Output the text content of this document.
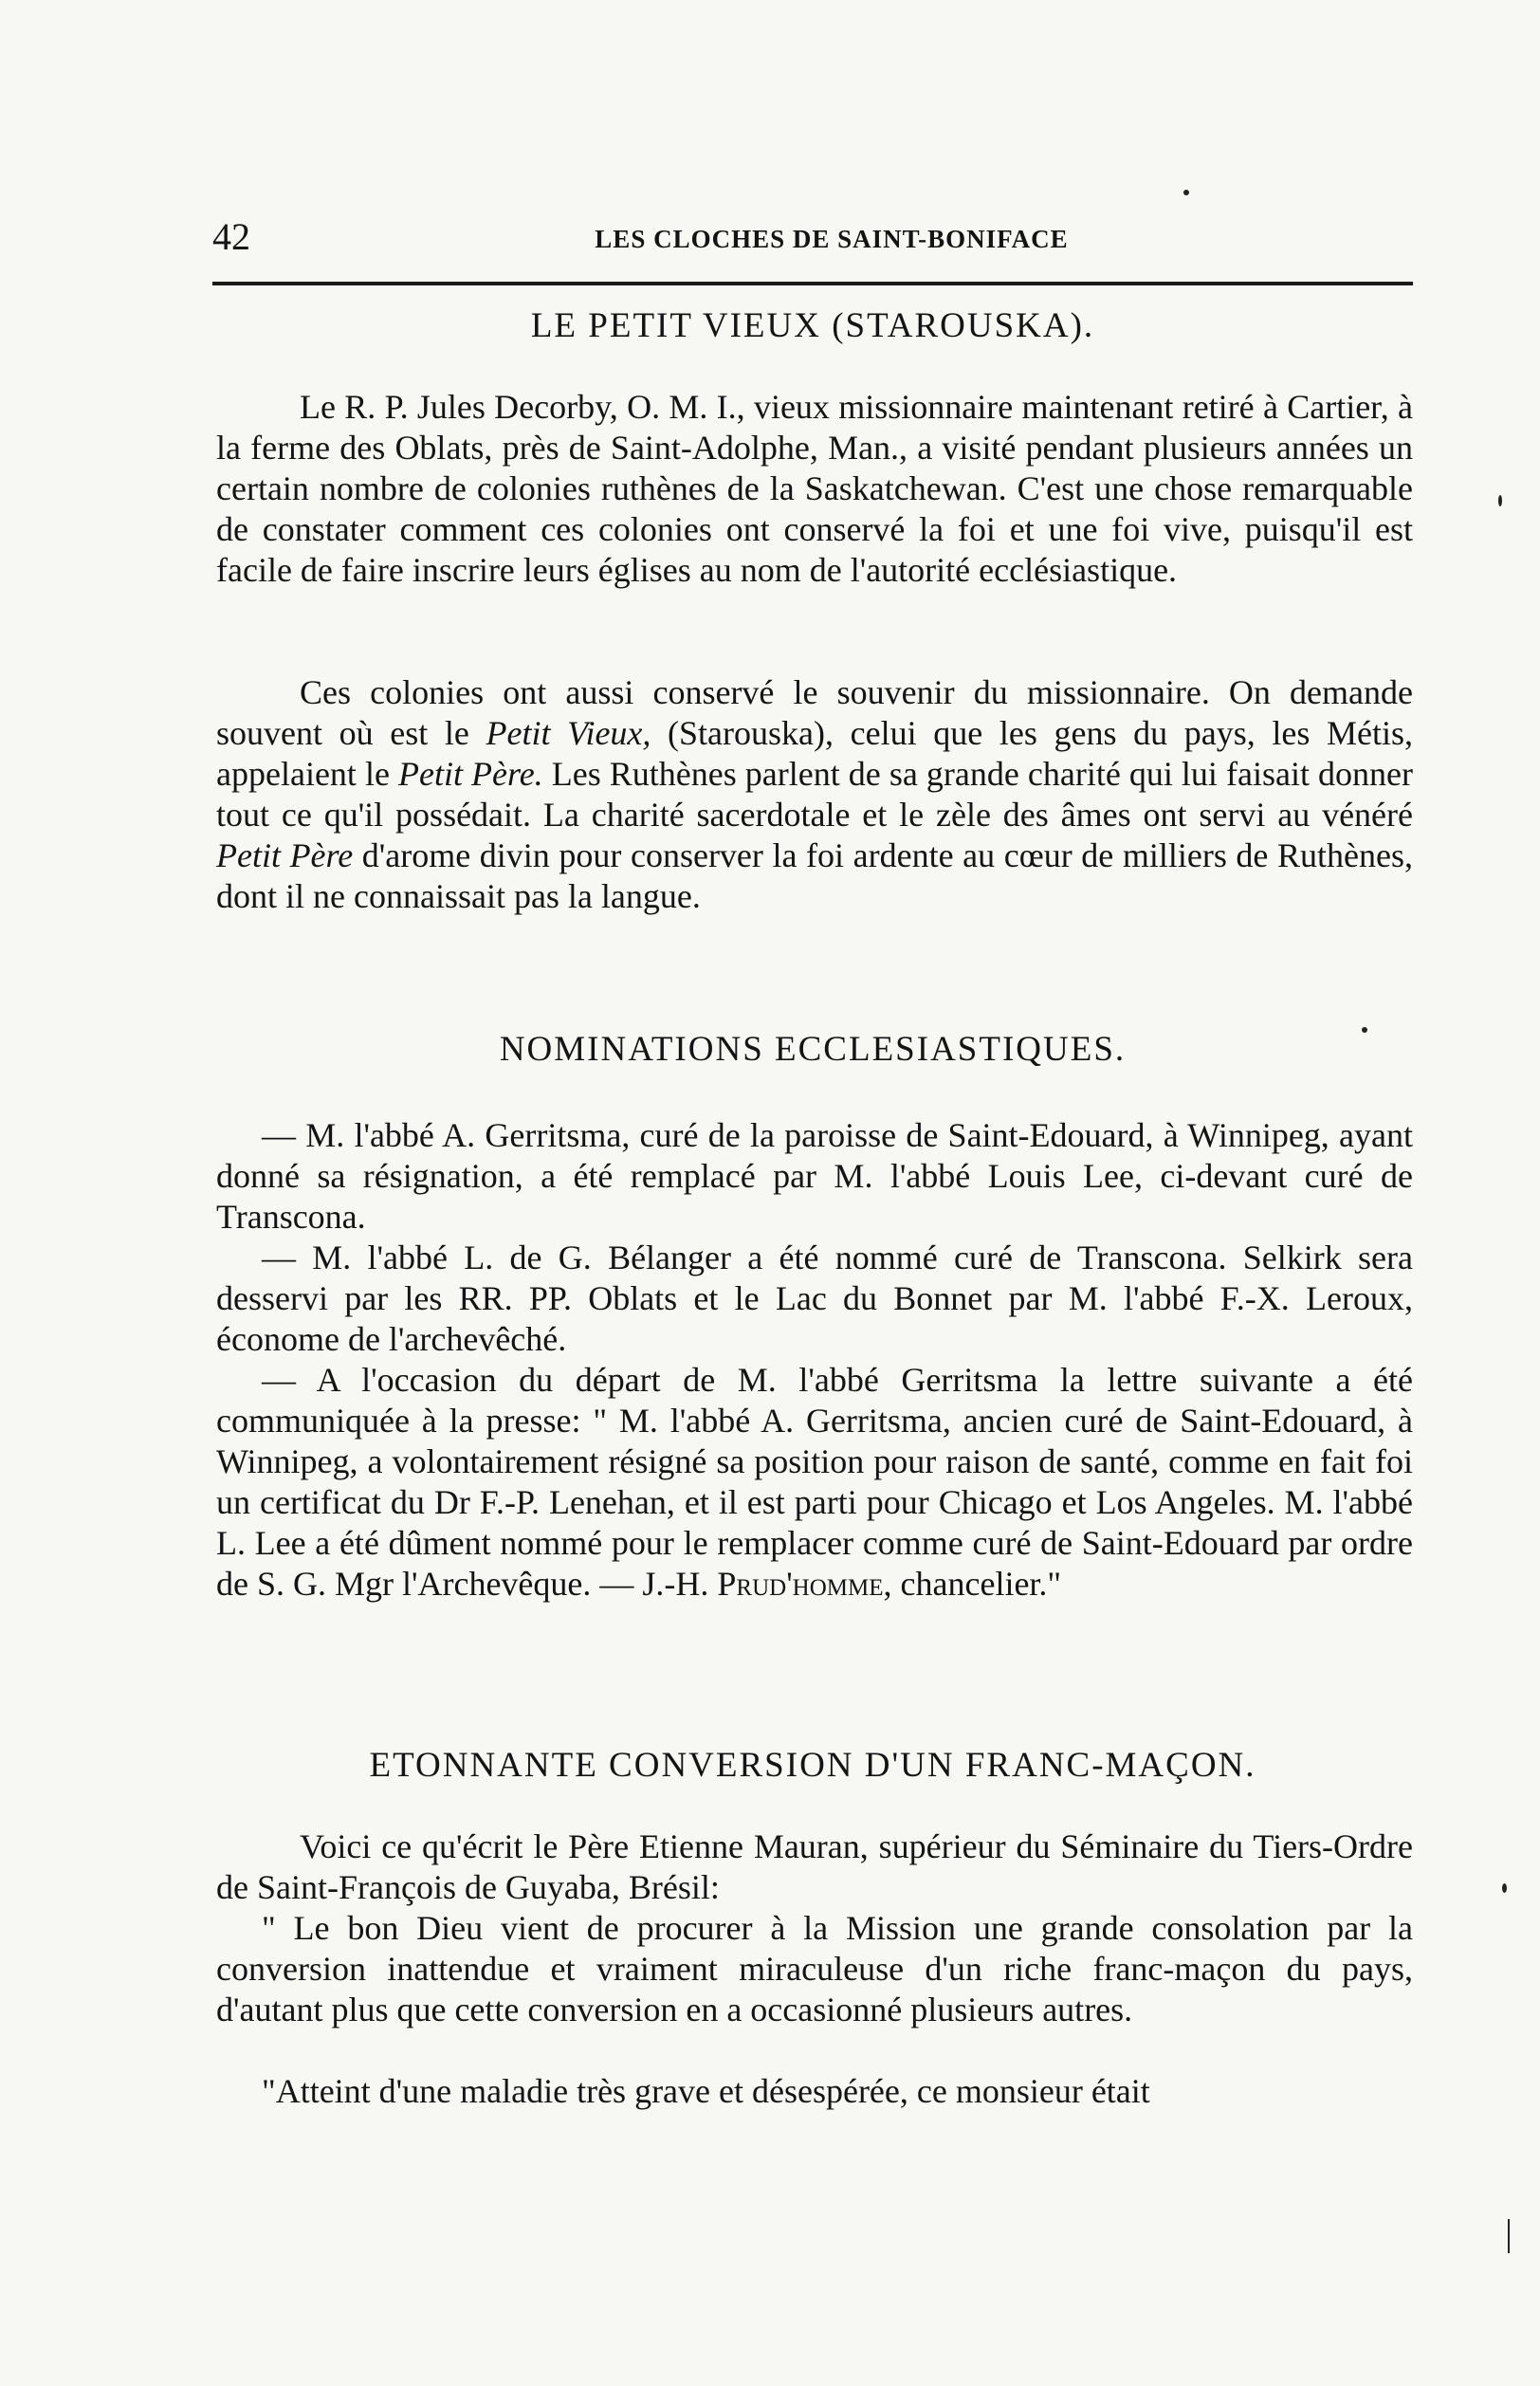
42	LES CLOCHES DE SAINT-BONIFACE
LE PETIT VIEUX (STAROUSKA).
Le R. P. Jules Decorby, O. M. I., vieux missionnaire maintenant retiré à Cartier, à la ferme des Oblats, près de Saint-Adolphe, Man., a visité pendant plusieurs années un certain nombre de colonies ruthènes de la Saskatchewan. C'est une chose remarquable de constater comment ces colonies ont conservé la foi et une foi vive, puisqu'il est facile de faire inscrire leurs églises au nom de l'autorité ecclésiastique.
Ces colonies ont aussi conservé le souvenir du missionnaire. On demande souvent où est le Petit Vieux, (Starouska), celui que les gens du pays, les Métis, appelaient le Petit Père. Les Ruthènes parlent de sa grande charité qui lui faisait donner tout ce qu'il possédait. La charité sacerdotale et le zèle des âmes ont servi au vénéré Petit Père d'arome divin pour conserver la foi ardente au cœur de milliers de Ruthènes, dont il ne connaissait pas la langue.
NOMINATIONS ECCLESIASTIQUES.
— M. l'abbé A. Gerritsma, curé de la paroisse de Saint-Edouard, à Winnipeg, ayant donné sa résignation, a été remplacé par M. l'abbé Louis Lee, ci-devant curé de Transcona.
— M. l'abbé L. de G. Bélanger a été nommé curé de Transcona. Selkirk sera desservi par les RR. PP. Oblats et le Lac du Bonnet par M. l'abbé F.-X. Leroux, économe de l'archevêché.
— A l'occasion du départ de M. l'abbé Gerritsma la lettre suivante a été communiquée à la presse: " M. l'abbé A. Gerritsma, ancien curé de Saint-Edouard, à Winnipeg, a volontairement résigné sa position pour raison de santé, comme en fait foi un certificat du Dr F.-P. Lenehan, et il est parti pour Chicago et Los Angeles. M. l'abbé L. Lee a été dûment nommé pour le remplacer comme curé de Saint-Edouard par ordre de S. G. Mgr l'Archevêque. — J.-H. Prud'homme, chancelier."
ETONNANTE CONVERSION D'UN FRANC-MAÇON.
Voici ce qu'écrit le Père Etienne Mauran, supérieur du Séminaire du Tiers-Ordre de Saint-François de Guyaba, Brésil:
" Le bon Dieu vient de procurer à la Mission une grande consolation par la conversion inattendue et vraiment miraculeuse d'un riche franc-maçon du pays, d'autant plus que cette conversion en a occasionné plusieurs autres.
"Atteint d'une maladie très grave et désespérée, ce monsieur était
